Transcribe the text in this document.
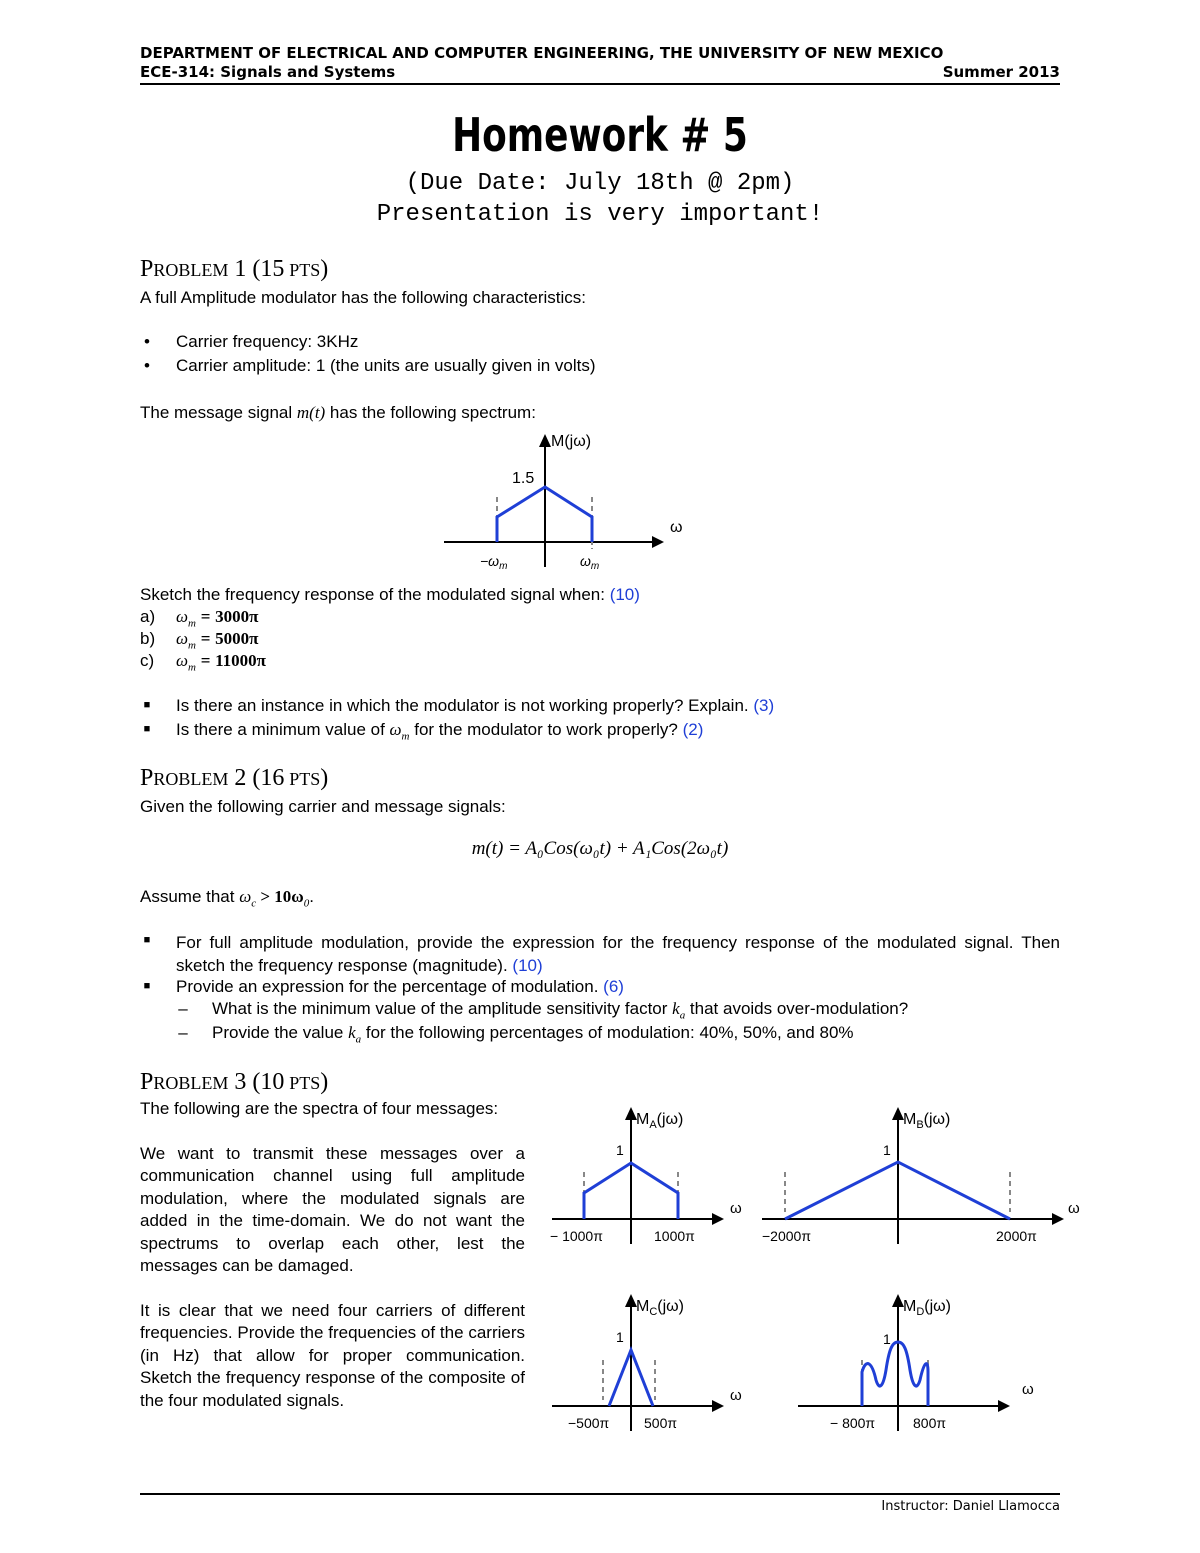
DEPARTMENT OF ELECTRICAL AND COMPUTER ENGINEERING, THE UNIVERSITY OF NEW MEXICO
ECE-314: Signals and Systems	Summer 2013
Homework # 5
(Due Date: July 18th @ 2pm)
Presentation is very important!
PROBLEM 1 (15  PTS)
A full Amplitude modulator has the following characteristics:
• Carrier frequency: 3KHz
• Carrier amplitude: 1 (the units are usually given in volts)
The message signal m(t) has the following spectrum:
M(jω)
1.5
ω
$-\omega_m$	$\omega_m$
Sketch the frequency response of the modulated signal when: (10)
a) $\omega_m = 3000\pi$
b) $\omega_m = 5000\pi$
c) $\omega_m = 11000\pi$
■ Is there an instance in which the modulator is not working properly? Explain. (3)
■ Is there a minimum value of $\omega_m$ for the modulator to work properly? (2)
PROBLEM 2 (16  PTS)
Given the following carrier and message signals:
m(t) = A₀Cos(ω₀t) + A₁Cos(2ω₀t)
Assume that $\omega_c > 10\omega_0$.
■ For full amplitude modulation, provide the expression for the frequency response of the modulated signal. Then sketch the frequency response (magnitude). (10)
■ Provide an expression for the percentage of modulation. (6)
– What is the minimum value of the amplitude sensitivity factor $k_a$ that avoids over-modulation?
– Provide the value $k_a$ for the following percentages of modulation: 40%, 50%, and 80%
PROBLEM 3 (10  PTS)

The following are the spectra of four messages:

We want to transmit these messages over a communication channel using full amplitude modulation, where the modulated signals are added in the time-domain. We do not want the spectrums to overlap each other, lest the messages can be damaged.

It is clear that we need four carriers of different frequencies. Provide the frequencies of the carriers (in Hz) that allow for proper communication. Sketch the frequency response of the composite of the four modulated signals.

$M_A(j\omega)$
1
ω
− 1000π	1000π
$M_B(j\omega)$
1
ω
−2000π	2000π
$M_C(j\omega)$
1
ω
−500π 500π
$M_D(j\omega)$
1
ω
− 800π	800π
Instructor: Daniel Llamocca
